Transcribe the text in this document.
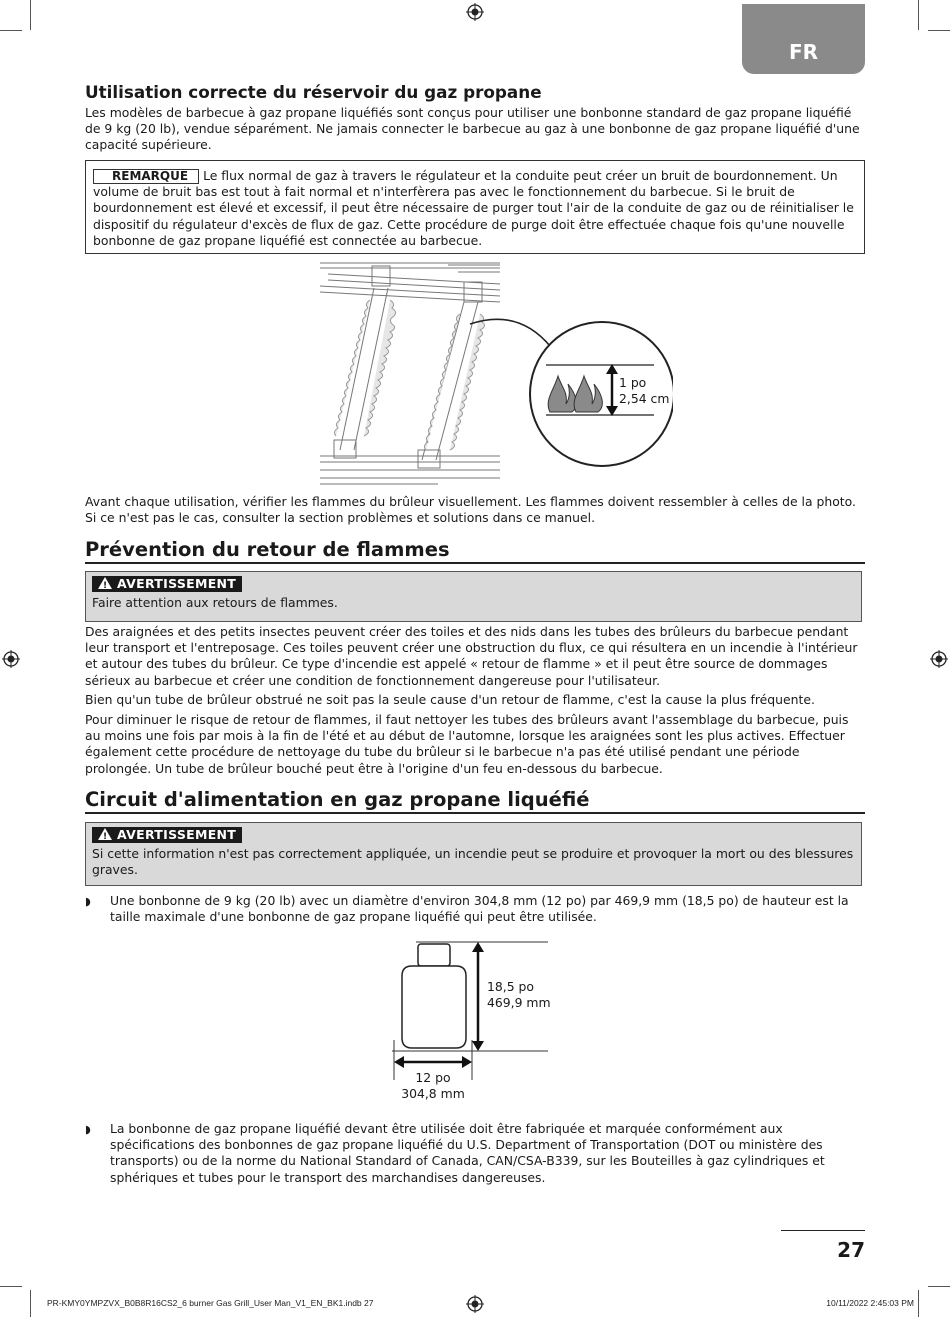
FR
Utilisation correcte du réservoir du gaz propane
Les modèles de barbecue à gaz propane liquéfiés sont conçus pour utiliser une bonbonne standard de gaz propane liquéfié de 9 kg (20 lb), vendue séparément. Ne jamais connecter le barbecue au gaz à une bonbonne de gaz propane liquéfié d'une capacité supérieure.
REMARQUE Le flux normal de gaz à travers le régulateur et la conduite peut créer un bruit de bourdonnement. Un volume de bruit bas est tout à fait normal et n'interfèrera pas avec le fonctionnement du barbecue. Si le bruit de bourdonnement est élevé et excessif, il peut être nécessaire de purger tout l'air de la conduite de gaz ou de réinitialiser le dispositif du régulateur d'excès de flux de gaz. Cette procédure de purge doit être effectuée chaque fois qu'une nouvelle bonbonne de gaz propane liquéfié est connectée au barbecue.
1 po
2,54 cm
Avant chaque utilisation, vérifier les flammes du brûleur visuellement. Les flammes doivent ressembler à celles de la photo. Si ce n'est pas le cas, consulter la section problèmes et solutions dans ce manuel.
Prévention du retour de flammes
! AVERTISSEMENT
Faire attention aux retours de flammes.
Des araignées et des petits insectes peuvent créer des toiles et des nids dans les tubes des brûleurs du barbecue pendant leur transport et l'entreposage. Ces toiles peuvent créer une obstruction du flux, ce qui résultera en un incendie à l'intérieur et autour des tubes du brûleur. Ce type d'incendie est appelé « retour de flamme » et il peut être source de dommages sérieux au barbecue et créer une condition de fonctionnement dangereuse pour l'utilisateur.
Bien qu'un tube de brûleur obstrué ne soit pas la seule cause d'un retour de flamme, c'est la cause la plus fréquente.
Pour diminuer le risque de retour de flammes, il faut nettoyer les tubes des brûleurs avant l'assemblage du barbecue, puis au moins une fois par mois à la fin de l'été et au début de l'automne, lorsque les araignées sont les plus actives. Effectuer également cette procédure de nettoyage du tube du brûleur si le barbecue n'a pas été utilisé pendant une période prolongée. Un tube de brûleur bouché peut être à l'origine d'un feu en-dessous du barbecue.
Circuit d'alimentation en gaz propane liquéfié
! AVERTISSEMENT
Si cette information n'est pas correctement appliquée, un incendie peut se produire et provoquer la mort ou des blessures graves.
◗ Une bonbonne de 9 kg (20 lb) avec un diamètre d'environ 304,8 mm (12 po) par 469,9 mm (18,5 po) de hauteur est la taille maximale d'une bonbonne de gaz propane liquéfié qui peut être utilisée.
18,5 po
469,9 mm
12 po
304,8 mm
◗ La bonbonne de gaz propane liquéfié devant être utilisée doit être fabriquée et marquée conformément aux spécifications des bonbonnes de gaz propane liquéfié du U.S. Department of Transportation (DOT ou ministère des transports) ou de la norme du National Standard of Canada, CAN/CSA-B339, sur les Bouteilles à gaz cylindriques et sphériques et tubes pour le transport des marchandises dangereuses.
27
PR-KMY0YMPZVX_B0B8R16CS2_6 burner Gas Grill_User Man_V1_EN_BK1.indb 27	10/11/2022 2:45:03 PM
